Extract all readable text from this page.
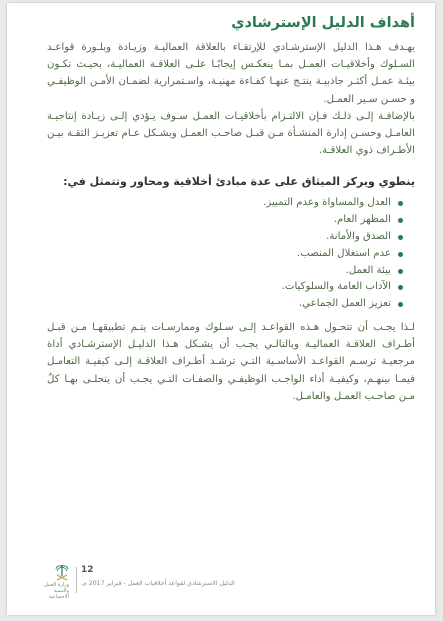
أهداف الدليل الإسترشادي

يهـدف هـذا الدليل الإسترشـادي للإرتقـاء بالعلاقة العماليـة وزيـادة وبلـورة قواعـد السـلوك وأخلاقيـات العمـل بمـا ينعكـس إيجابًـا علـى العلاقـة العماليـة، بحيـث تكـون بيئـة عمـل أكثـر جاذبيـة ينتـج عنهـا كفـاءة مهنيـة، واسـتمرارية لضمـان الأمـن الوظيفـي و حسـن سـير العمـل.

بالإضافـة إلـى ذلـك فـإن الالتـزام بأخلاقيـات العمـل سـوف يـؤدي إلـى زيـادة إنتاجيـة العامـل وحسـن إدارة المنشـأة مـن قبـل صاحـب العمـل وبشـكل عـام تعزيـز الثقـة بيـن الأطـراف ذوي العلاقـة.

ينطوي ويركز الميثاق على عدة مبادئ أخلاقية ومحاور وتتمثل في:
العدل والمساواة وعدم التمييز.
المظهر العام.
الصدق والأمانة.
عدم استغلال المنصب.
بيئة العمل.
الآداب العامة والسلوكيات.
تعزيز العمل الجماعي.

لـذا يجـب أن تتحـول هـذه القواعـد إلـى سـلوك وممارسـات يتـم تطبيقهـا مـن قبـل أطـراف العلاقـة العماليـة وبالتالـي يجـب أن يشـكل هـذا الدليـل الإسترشـادي أداة مرجعيـة ترسـم القواعـد الأساسـية التـي ترشـد أطـراف العلاقـة إلـى كيفيـة التعامـل فيمـا بينهـم، وكيفيـة أداء الواجـب الوظيفـي والصفـات التـي يجـب أن يتحلـى بهـا كلٌ مـن صاحـب العمـل والعامـل.

وزارة العمل والتنمية الاجتماعية
12
الدليل الاسترشادي لقواعد أخلاقيات العمل - فبراير 2017 م.
